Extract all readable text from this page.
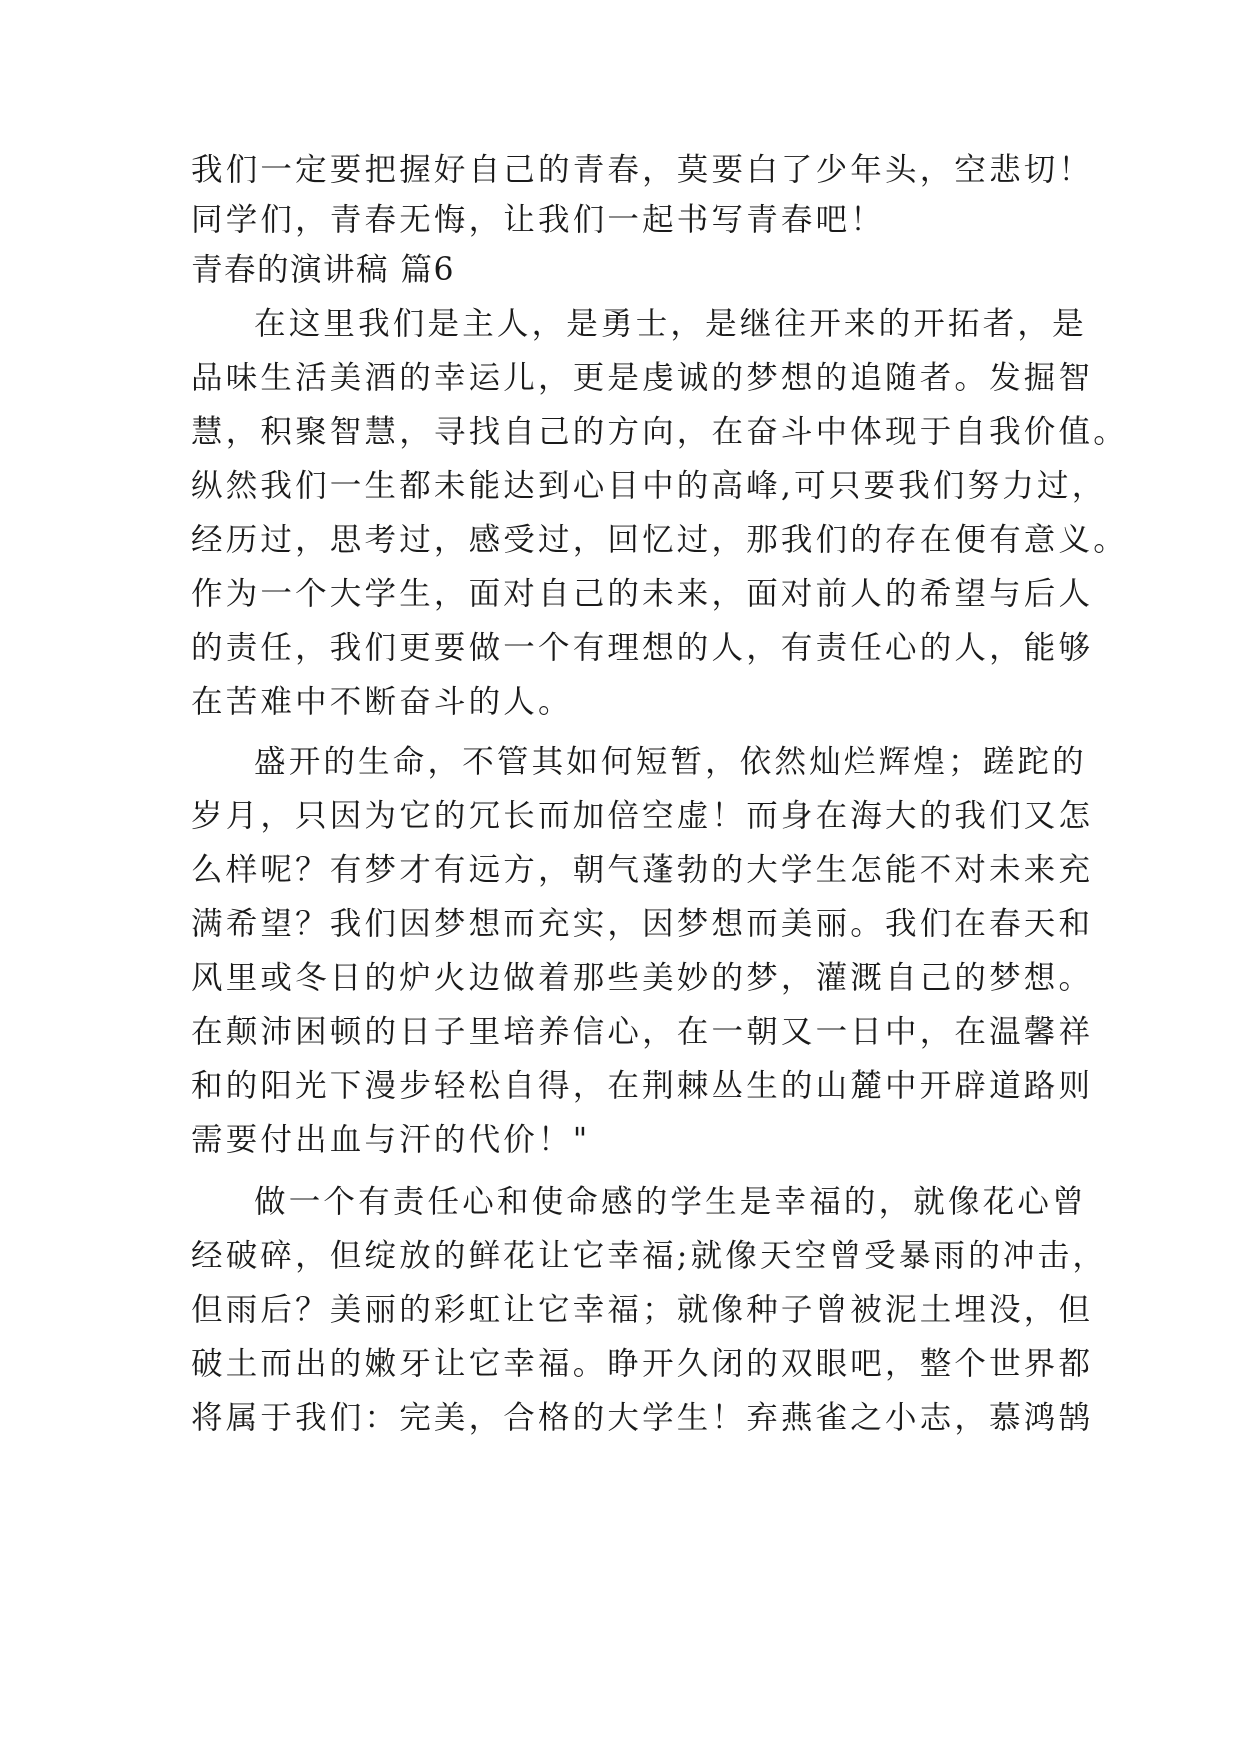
我们一定要把握好自己的青春，莫要白了少年头，空悲切！
同学们，青春无悔，让我们一起书写青春吧！
青春的演讲稿 篇6
在这里我们是主人，是勇士，是继往开来的开拓者，是
品味生活美酒的幸运儿，更是虔诚的梦想的追随者。发掘智
慧，积聚智慧，寻找自己的方向，在奋斗中体现于自我价值。
纵然我们一生都未能达到心目中的高峰,可只要我们努力过，
经历过，思考过，感受过，回忆过，那我们的存在便有意义。
作为一个大学生，面对自己的未来，面对前人的希望与后人
的责任，我们更要做一个有理想的人，有责任心的人，能够
在苦难中不断奋斗的人。
盛开的生命，不管其如何短暂，依然灿烂辉煌；蹉跎的
岁月，只因为它的冗长而加倍空虚！而身在海大的我们又怎
么样呢？有梦才有远方，朝气蓬勃的大学生怎能不对未来充
满希望？我们因梦想而充实，因梦想而美丽。我们在春天和
风里或冬日的炉火边做着那些美妙的梦，灌溉自己的梦想。
在颠沛困顿的日子里培养信心，在一朝又一日中，在温馨祥
和的阳光下漫步轻松自得，在荆棘丛生的山麓中开辟道路则
需要付出血与汗的代价！"
做一个有责任心和使命感的学生是幸福的，就像花心曾
经破碎，但绽放的鲜花让它幸福;就像天空曾受暴雨的冲击，
但雨后？美丽的彩虹让它幸福；就像种子曾被泥土埋没，但
破土而出的嫩牙让它幸福。睁开久闭的双眼吧，整个世界都
将属于我们：完美，合格的大学生！弃燕雀之小志，慕鸿鹄
